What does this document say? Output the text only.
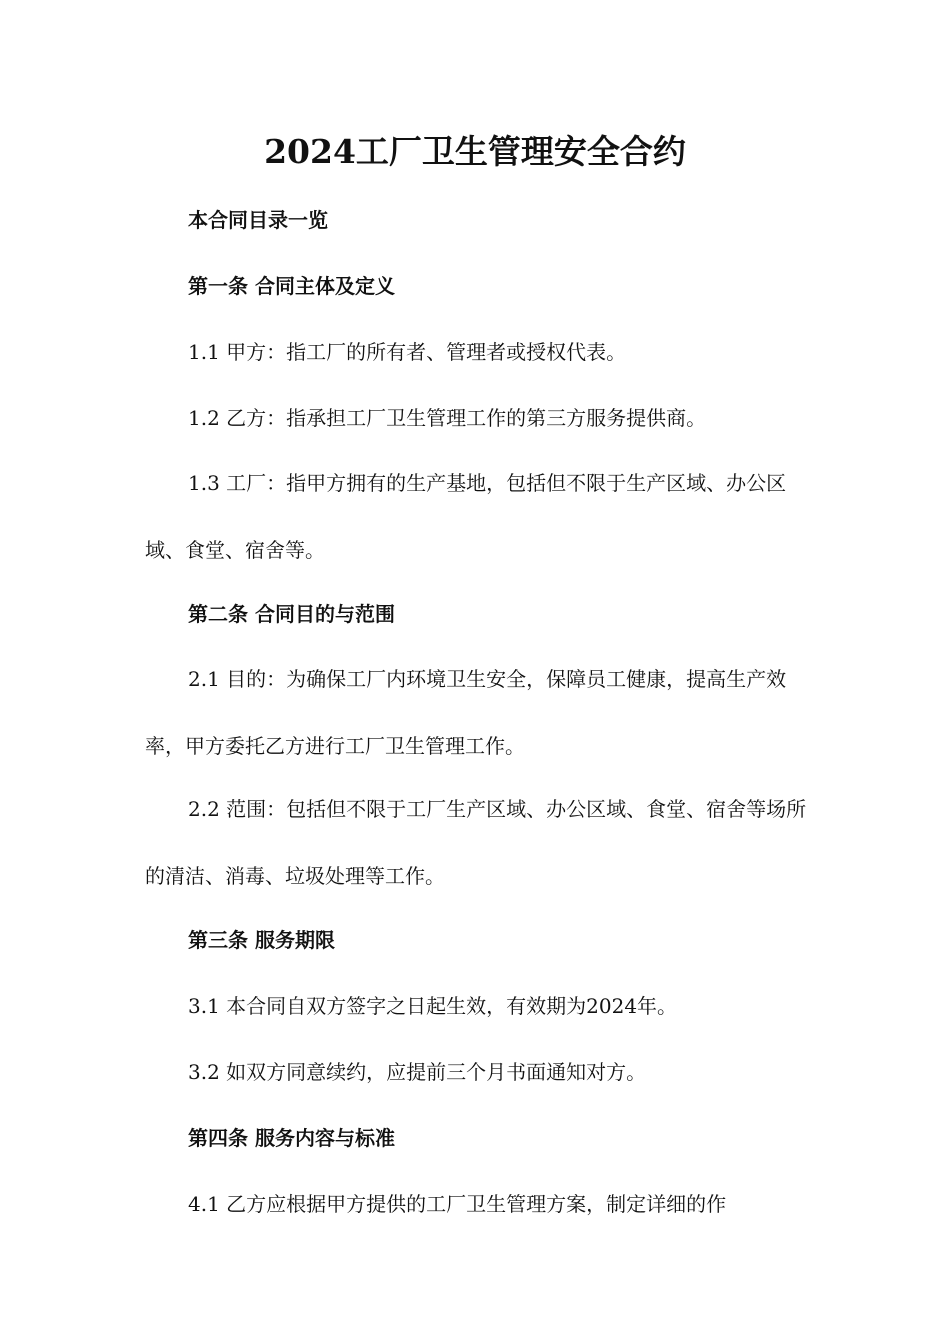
2024工厂卫生管理安全合约

本合同目录一览

第一条 合同主体及定义

1.1 甲方：指工厂的所有者、管理者或授权代表。

1.2 乙方：指承担工厂卫生管理工作的第三方服务提供商。

1.3 工厂：指甲方拥有的生产基地，包括但不限于生产区域、办公区域、食堂、宿舍等。

第二条 合同目的与范围

2.1 目的：为确保工厂内环境卫生安全，保障员工健康，提高生产效率，甲方委托乙方进行工厂卫生管理工作。

2.2 范围：包括但不限于工厂生产区域、办公区域、食堂、宿舍等场所的清洁、消毒、垃圾处理等工作。

第三条 服务期限

3.1 本合同自双方签字之日起生效，有效期为2024年。

3.2 如双方同意续约，应提前三个月书面通知对方。

第四条 服务内容与标准

4.1 乙方应根据甲方提供的工厂卫生管理方案，制定详细的作
